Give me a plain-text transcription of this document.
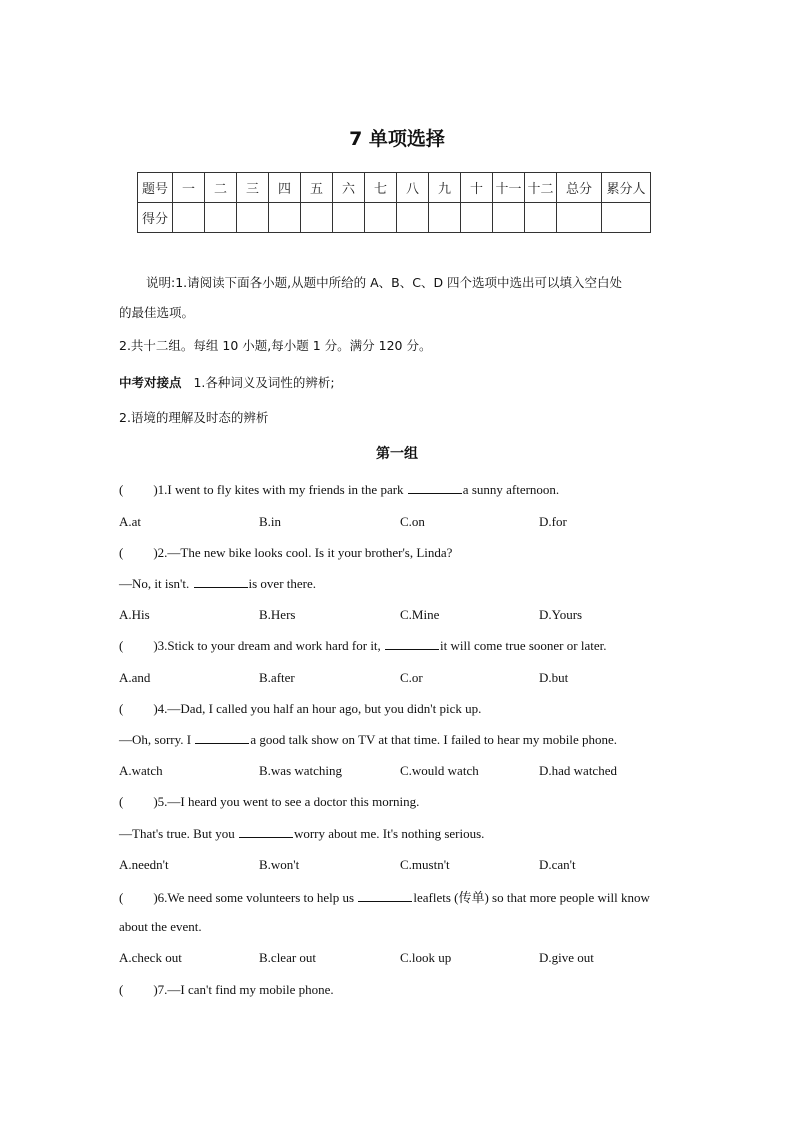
7 单项选择
题号	一	二	三	四	五	六	七	八	九	十	十一	十二	总分	累分人
得分														
说明:1.请阅读下面各小题,从题中所给的 A、B、C、D 四个选项中选出可以填入空白处
的最佳选项。
2.共十二组。每组 10 小题,每小题 1 分。满分 120 分。
中考对接点 1.各种词义及词性的辨析;
2.语境的理解及时态的辨析
第一组
( )1.I went to fly kites with my friends in the park	a sunny afternoon.
A.at	B.in	C.on	D.for
( )2.—The new bike looks cool. Is it your brother's, Linda?
—No, it isn't.	is over there.
A.His	B.Hers	C.Mine	D.Yours
( )3.Stick to your dream and work hard for it,	it will come true sooner or later.
A.and	B.after	C.or	D.but
( )4.—Dad, I called you half an hour ago, but you didn't pick up.
—Oh, sorry. I	a good talk show on TV at that time. I failed to hear my mobile phone.
A.watch	B.was watching	C.would watch	D.had watched
( )5.—I heard you went to see a doctor this morning.
—That's true. But you	worry about me. It's nothing serious.
A.needn't	B.won't	C.mustn't	D.can't
( )6.We need some volunteers to help us	leaflets (传单) so that more people will know
about the event.
A.check out	B.clear out	C.look up	D.give out
( )7.—I can't find my mobile phone.
